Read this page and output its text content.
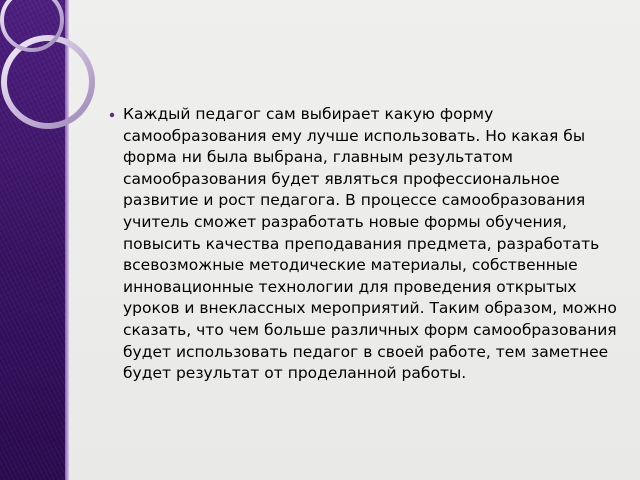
Каждый педагог сам выбирает какую форму самообразования ему лучше использовать. Но какая бы форма ни была выбрана, главным результатом самообразования будет являться профессиональное развитие и рост педагога. В процессе самообразования учитель сможет разработать новые формы обучения, повысить качества преподавания предмета, разработать всевозможные методические материалы, собственные инновационные технологии для проведения открытых уроков и внеклассных мероприятий. Таким образом, можно сказать, что чем больше различных форм самообразования будет использовать педагог в своей работе, тем заметнее будет результат от проделанной работы.
